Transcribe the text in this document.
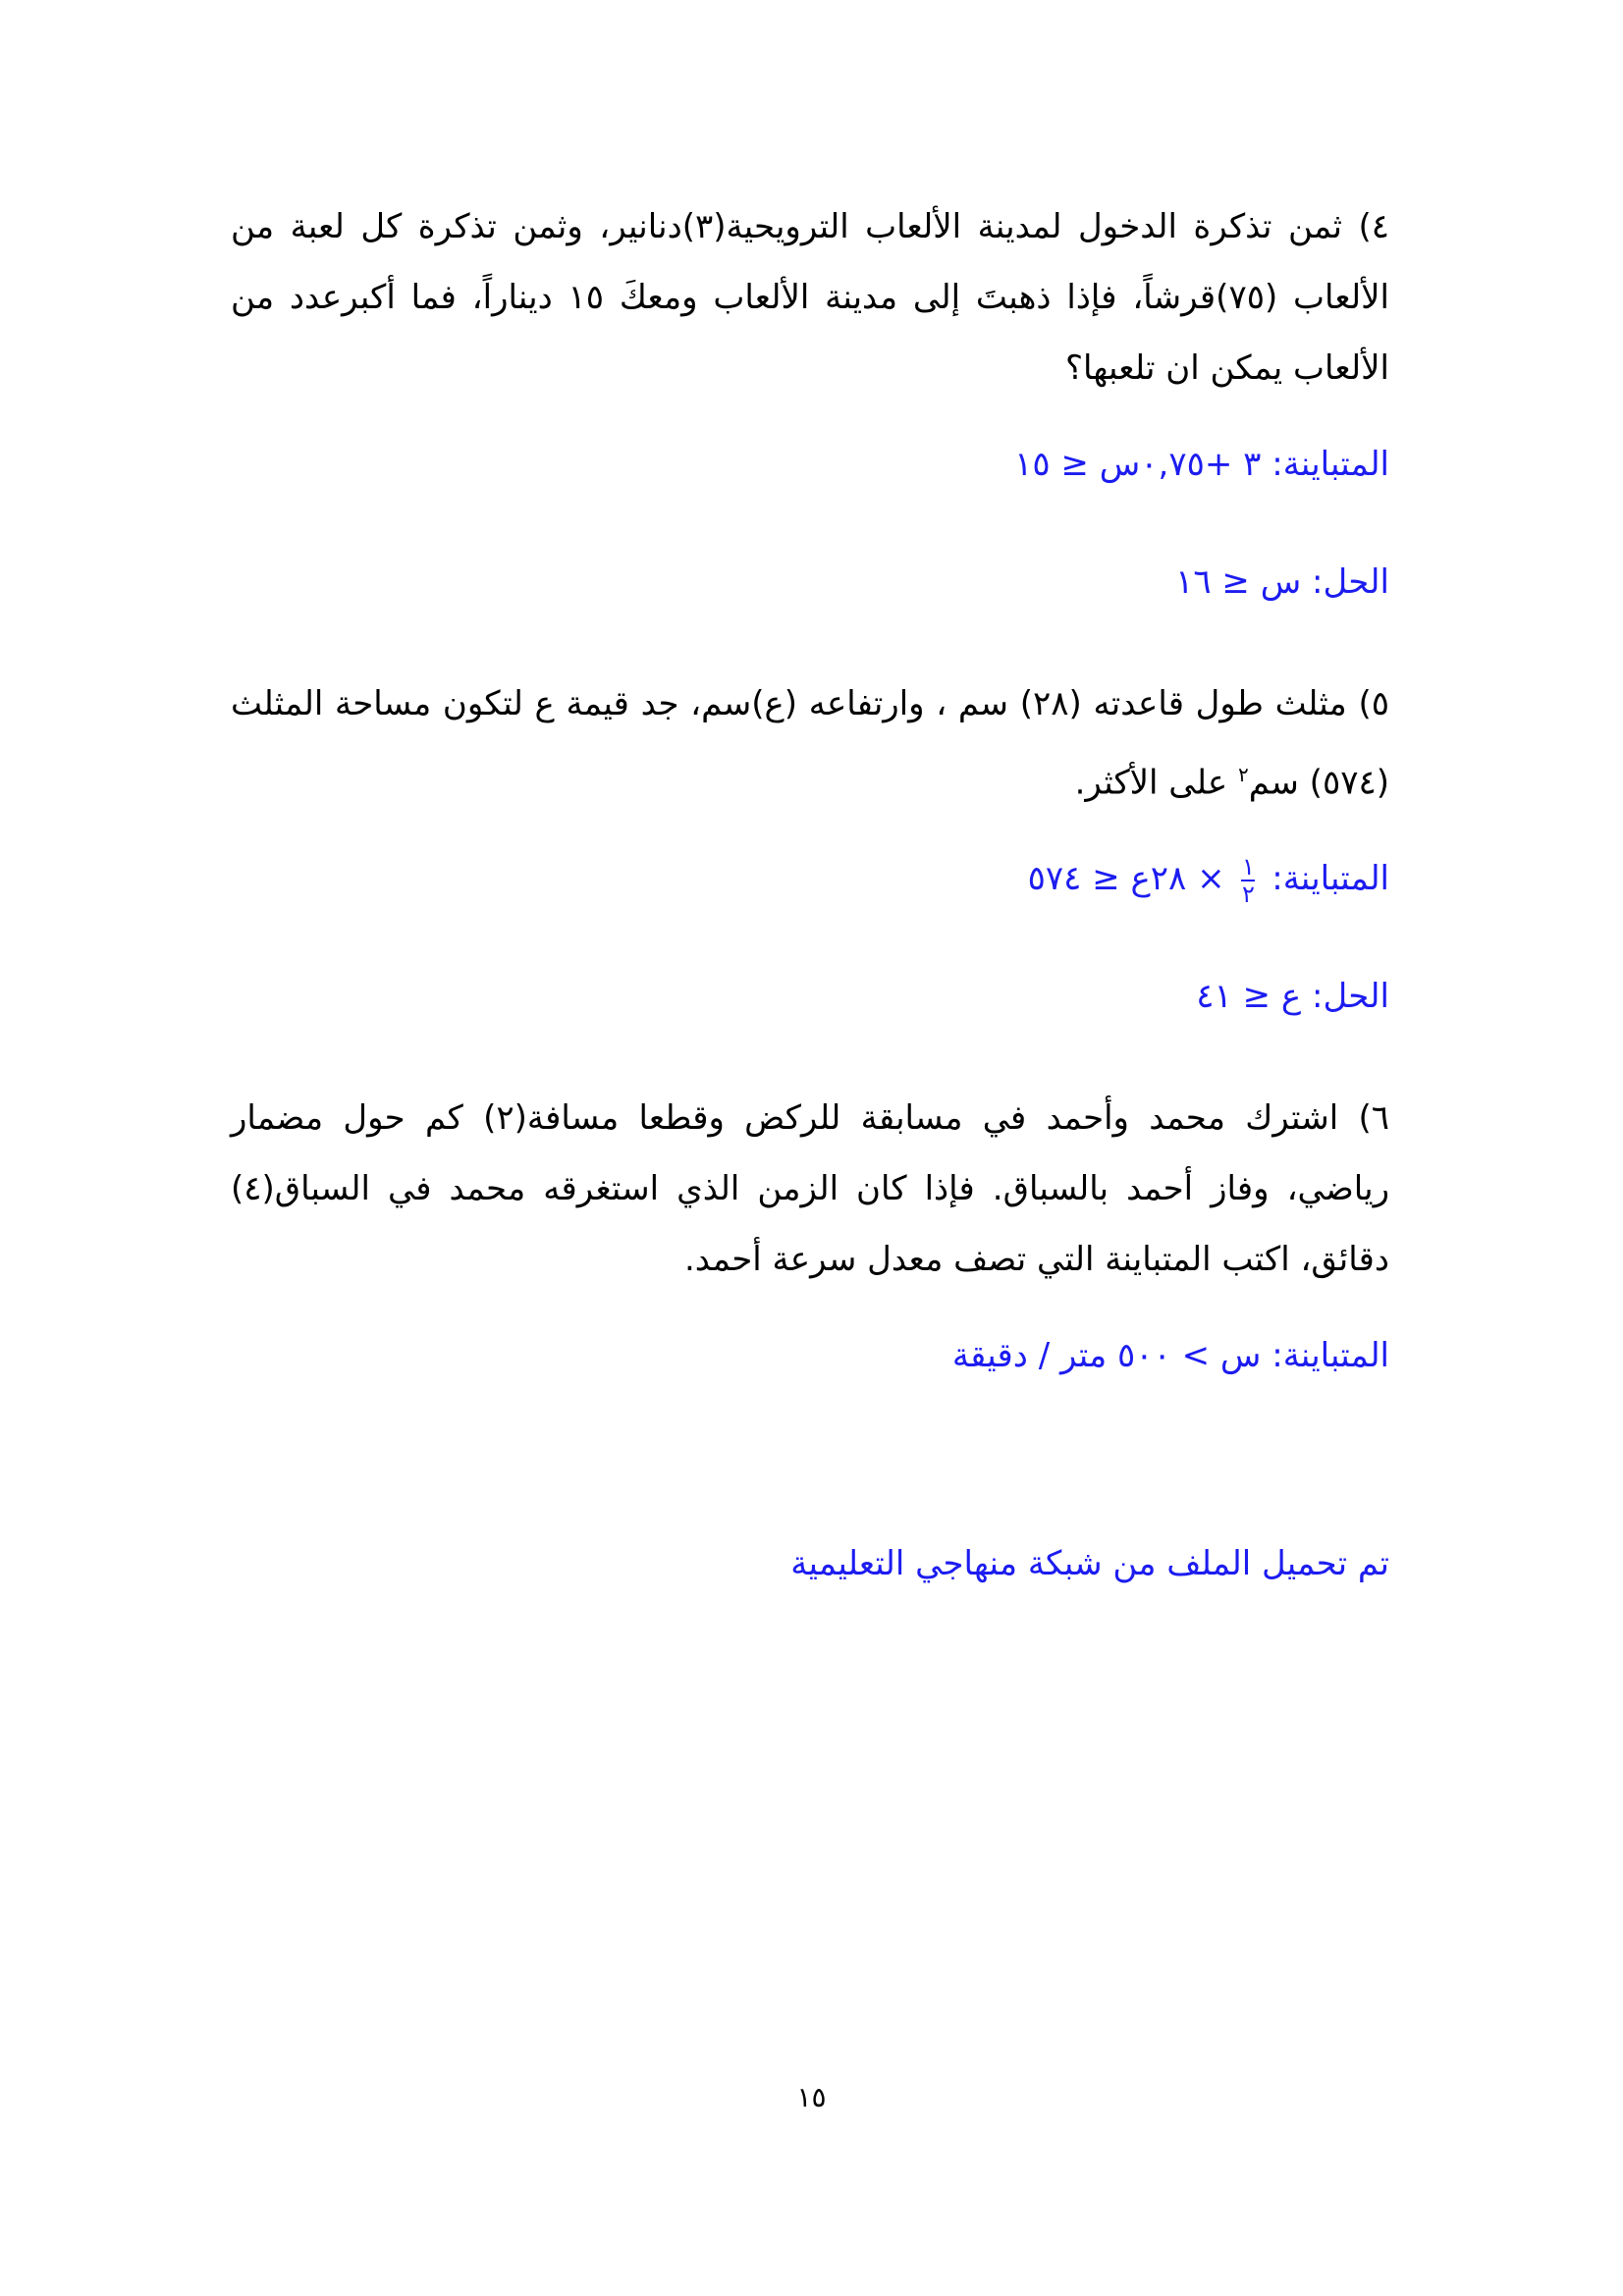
٤) ثمن تذكرة الدخول لمدينة الألعاب الترويحية(٣)دنانير، وثمن تذكرة كل لعبة من الألعاب (٧٥)قرشاً، فإذا ذهبتَ إلى مدينة الألعاب ومعكَ ١٥ ديناراً، فما أكبرعدد من الألعاب يمكن ان تلعبها؟

المتباينة: ٣ +٠,٧٥س ≤ ١٥

الحل: س ≤ ١٦

٥) مثلث طول قاعدته (٢٨) سم ، وارتفاعه (ع)سم، جد قيمة ع لتكون مساحة المثلث (٥٧٤) سم$^٢$ على الأكثر.

المتباينة:
$\frac{١}{٢}$
× ٢٨ع ≤ ٥٧٤

الحل: ع ≤ ٤١

٦) اشترك محمد وأحمد في مسابقة للركض وقطعا مسافة(٢) كم حول مضمار رياضي، وفاز أحمد بالسباق. فإذا كان الزمن الذي استغرقه محمد في السباق(٤) دقائق، اكتب المتباينة التي تصف معدل سرعة أحمد.

المتباينة: س > ٥٠٠ متر / دقيقة

تم تحميل الملف من شبكة منهاجي التعليمية
١٥
